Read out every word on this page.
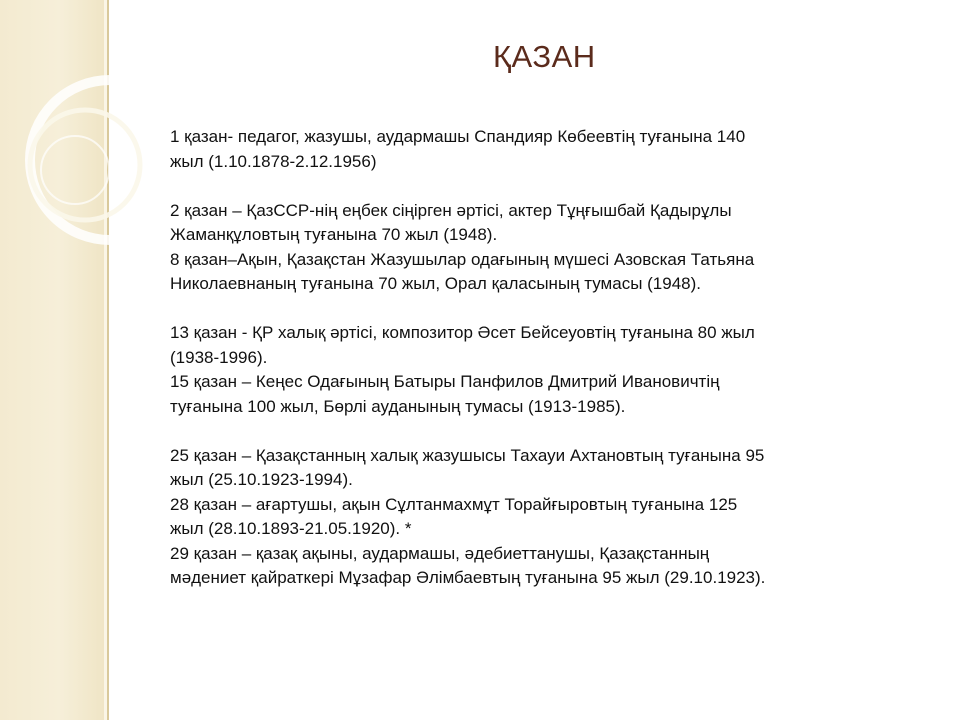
ҚАЗАН

1 қазан- педагог, жазушы, аудармашы Спандияр Көбеевтің туғанына 140

жыл (1.10.1878-2.12.1956)

2 қазан – ҚазССР-нің еңбек сіңірген әртісі, актер Тұңғышбай Қадырұлы

Жаманқұловтың туғанына 70 жыл (1948).

8 қазан–Ақын, Қазақстан Жазушылар одағының мүшесі Азовская Татьяна

Николаевнаның туғанына 70 жыл, Орал қаласының тумасы (1948).

13 қазан - ҚР халық әртісі, композитор Әсет Бейсеуовтің туғанына 80 жыл

(1938-1996).

15 қазан – Кеңес Одағының Батыры Панфилов Дмитрий Ивановичтің

туғанына 100 жыл, Бөрлі ауданының тумасы (1913-1985).

25 қазан – Қазақстанның халық жазушысы Тахауи Ахтановтың туғанына 95

жыл (25.10.1923-1994).

28 қазан – ағартушы, ақын Сұлтанмахмұт Торайғыровтың туғанына 125

жыл (28.10.1893-21.05.1920). *

29 қазан – қазақ ақыны, аудармашы, әдебиеттанушы, Қазақстанның

мәдениет қайраткері Мұзафар Әлімбаевтың туғанына 95 жыл (29.10.1923).
